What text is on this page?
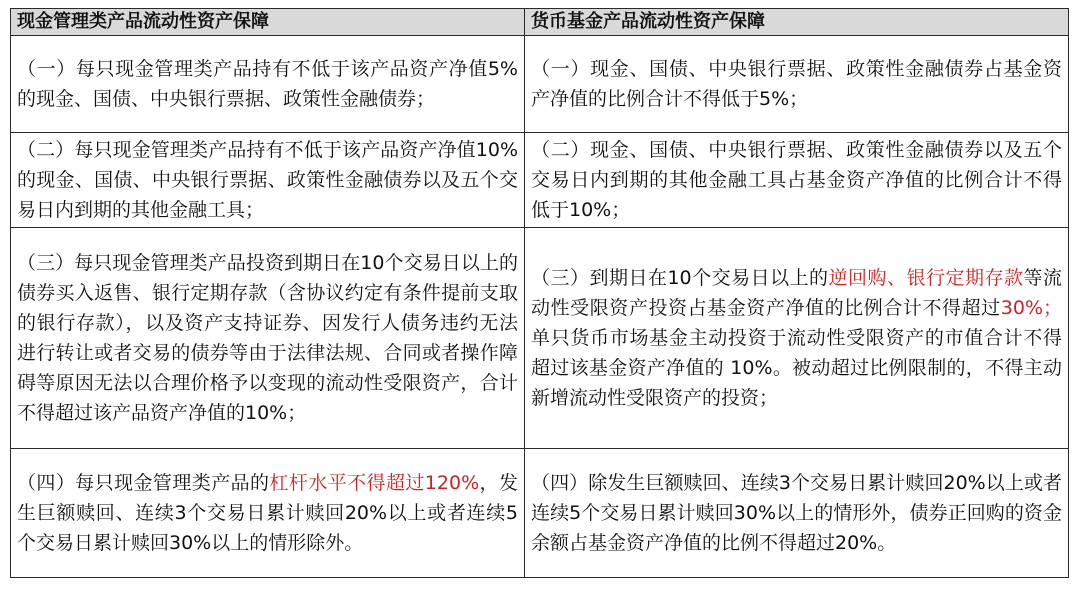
现金管理类产品流动性资产保障	货币基金产品流动性资产保障
（一）每只现金管理类产品持有不低于该产品资产净值5%的现金、国债、中央银行票据、政策性金融债券；	（一）现金、国债、中央银行票据、政策性金融债券占基金资产净值的比例合计不得低于5%；
（二）每只现金管理类产品持有不低于该产品资产净值10%的现金、国债、中央银行票据、政策性金融债券以及五个交易日内到期的其他金融工具；	（二）现金、国债、中央银行票据、政策性金融债券以及五个交易日内到期的其他金融工具占基金资产净值的比例合计不得低于10%；
（三）每只现金管理类产品投资到期日在10个交易日以上的债券买入返售、银行定期存款（含协议约定有条件提前支取的银行存款），以及资产支持证券、因发行人债务违约无法进行转让或者交易的债券等由于法律法规、合同或者操作障碍等原因无法以合理价格予以变现的流动性受限资产，合计不得超过该产品资产净值的10%；	（三）到期日在10个交易日以上的逆回购、银行定期存款等流动性受限资产投资占基金资产净值的比例合计不得超过30%；单只货币市场基金主动投资于流动性受限资产的市值合计不得超过该基金资产净值的 10%。被动超过比例限制的，不得主动新增流动性受限资产的投资；
（四）每只现金管理类产品的杠杆水平不得超过120%，发生巨额赎回、连续3个交易日累计赎回20%以上或者连续5个交易日累计赎回30%以上的情形除外。	（四）除发生巨额赎回、连续3个交易日累计赎回20%以上或者连续5个交易日累计赎回30%以上的情形外，债券正回购的资金余额占基金资产净值的比例不得超过20%。
